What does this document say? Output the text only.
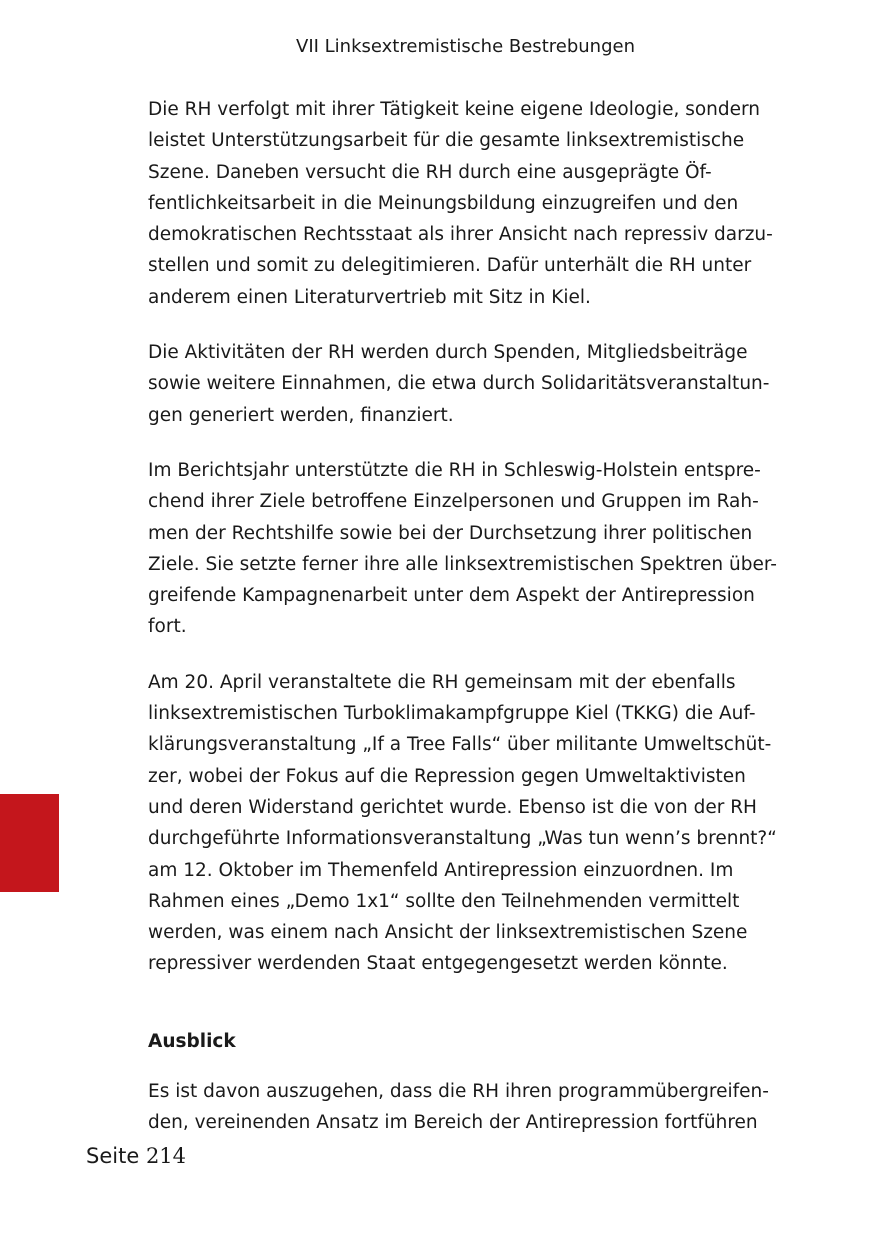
VII Linksextremistische Bestrebungen

Die RH verfolgt mit ihrer Tätigkeit keine eigene Ideologie, sondern
leistet Unterstützungsarbeit für die gesamte linksextremistische
Szene. Daneben versucht die RH durch eine ausgeprägte Öf-
fentlichkeitsarbeit in die Meinungsbildung einzugreifen und den
demokratischen Rechtsstaat als ihrer Ansicht nach repressiv darzu-
stellen und somit zu delegitimieren. Dafür unterhält die RH unter
anderem einen Literaturvertrieb mit Sitz in Kiel.

Die Aktivitäten der RH werden durch Spenden, Mitgliedsbeiträge
sowie weitere Einnahmen, die etwa durch Solidaritätsveranstaltun-
gen generiert werden, finanziert.

Im Berichtsjahr unterstützte die RH in Schleswig-Holstein entspre-
chend ihrer Ziele betroffene Einzelpersonen und Gruppen im Rah-
men der Rechtshilfe sowie bei der Durchsetzung ihrer politischen
Ziele. Sie setzte ferner ihre alle linksextremistischen Spektren über-
greifende Kampagnenarbeit unter dem Aspekt der Antirepression
fort.

Am 20. April veranstaltete die RH gemeinsam mit der ebenfalls
linksextremistischen Turboklimakampfgruppe Kiel (TKKG) die Auf-
klärungsveranstaltung „If a Tree Falls“ über militante Umweltschüt-
zer, wobei der Fokus auf die Repression gegen Umweltaktivisten
und deren Widerstand gerichtet wurde. Ebenso ist die von der RH
durchgeführte Informationsveranstaltung „Was tun wenn’s brennt?“
am 12. Oktober im Themenfeld Antirepression einzuordnen. Im
Rahmen eines „Demo 1x1“ sollte den Teilnehmenden vermittelt
werden, was einem nach Ansicht der linksextremistischen Szene
repressiver werdenden Staat entgegengesetzt werden könnte.

Ausblick

Es ist davon auszugehen, dass die RH ihren programmübergreifen-
den, vereinenden Ansatz im Bereich der Antirepression fortführen

Seite 214
